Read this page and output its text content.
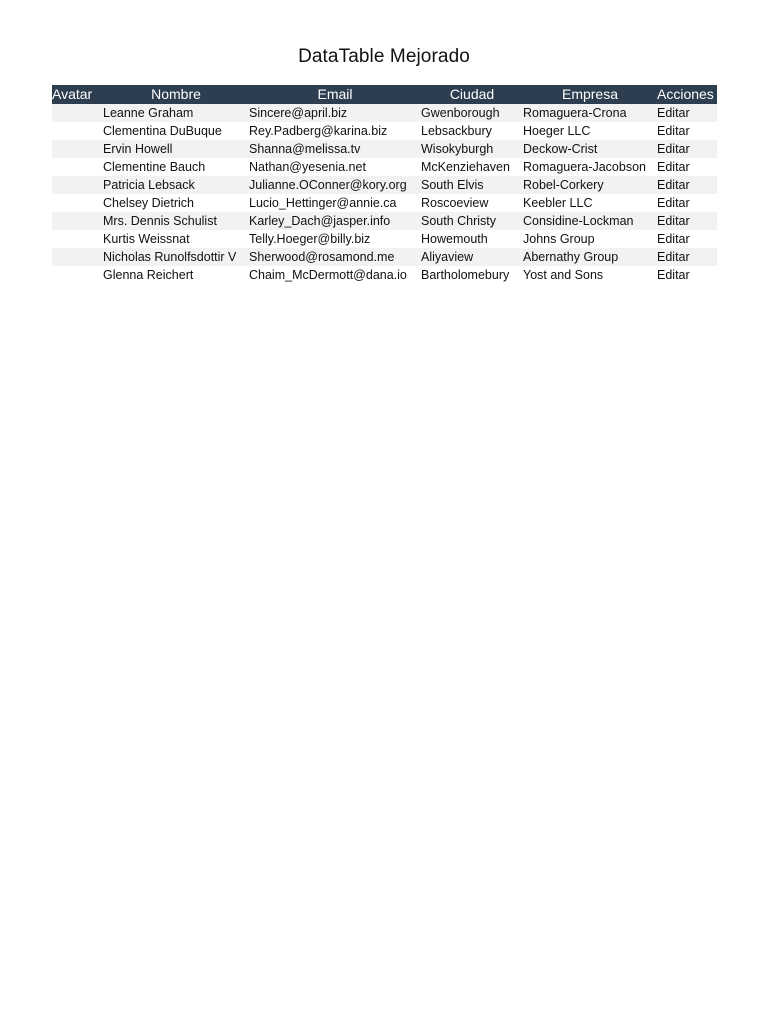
DataTable Mejorado
Avatar	Nombre	Email	Ciudad	Empresa	Acciones
	Leanne Graham	Sincere@april.biz	Gwenborough	Romaguera-Crona	Editar
	Clementina DuBuque	Rey.Padberg@karina.biz	Lebsackbury	Hoeger LLC	Editar
	Ervin Howell	Shanna@melissa.tv	Wisokyburgh	Deckow-Crist	Editar
	Clementine Bauch	Nathan@yesenia.net	McKenziehaven	Romaguera-Jacobson	Editar
	Patricia Lebsack	Julianne.OConner@kory.org	South Elvis	Robel-Corkery	Editar
	Chelsey Dietrich	Lucio_Hettinger@annie.ca	Roscoeview	Keebler LLC	Editar
	Mrs. Dennis Schulist	Karley_Dach@jasper.info	South Christy	Considine-Lockman	Editar
	Kurtis Weissnat	Telly.Hoeger@billy.biz	Howemouth	Johns Group	Editar
	Nicholas Runolfsdottir V	Sherwood@rosamond.me	Aliyaview	Abernathy Group	Editar
	Glenna Reichert	Chaim_McDermott@dana.io	Bartholomebury	Yost and Sons	Editar
